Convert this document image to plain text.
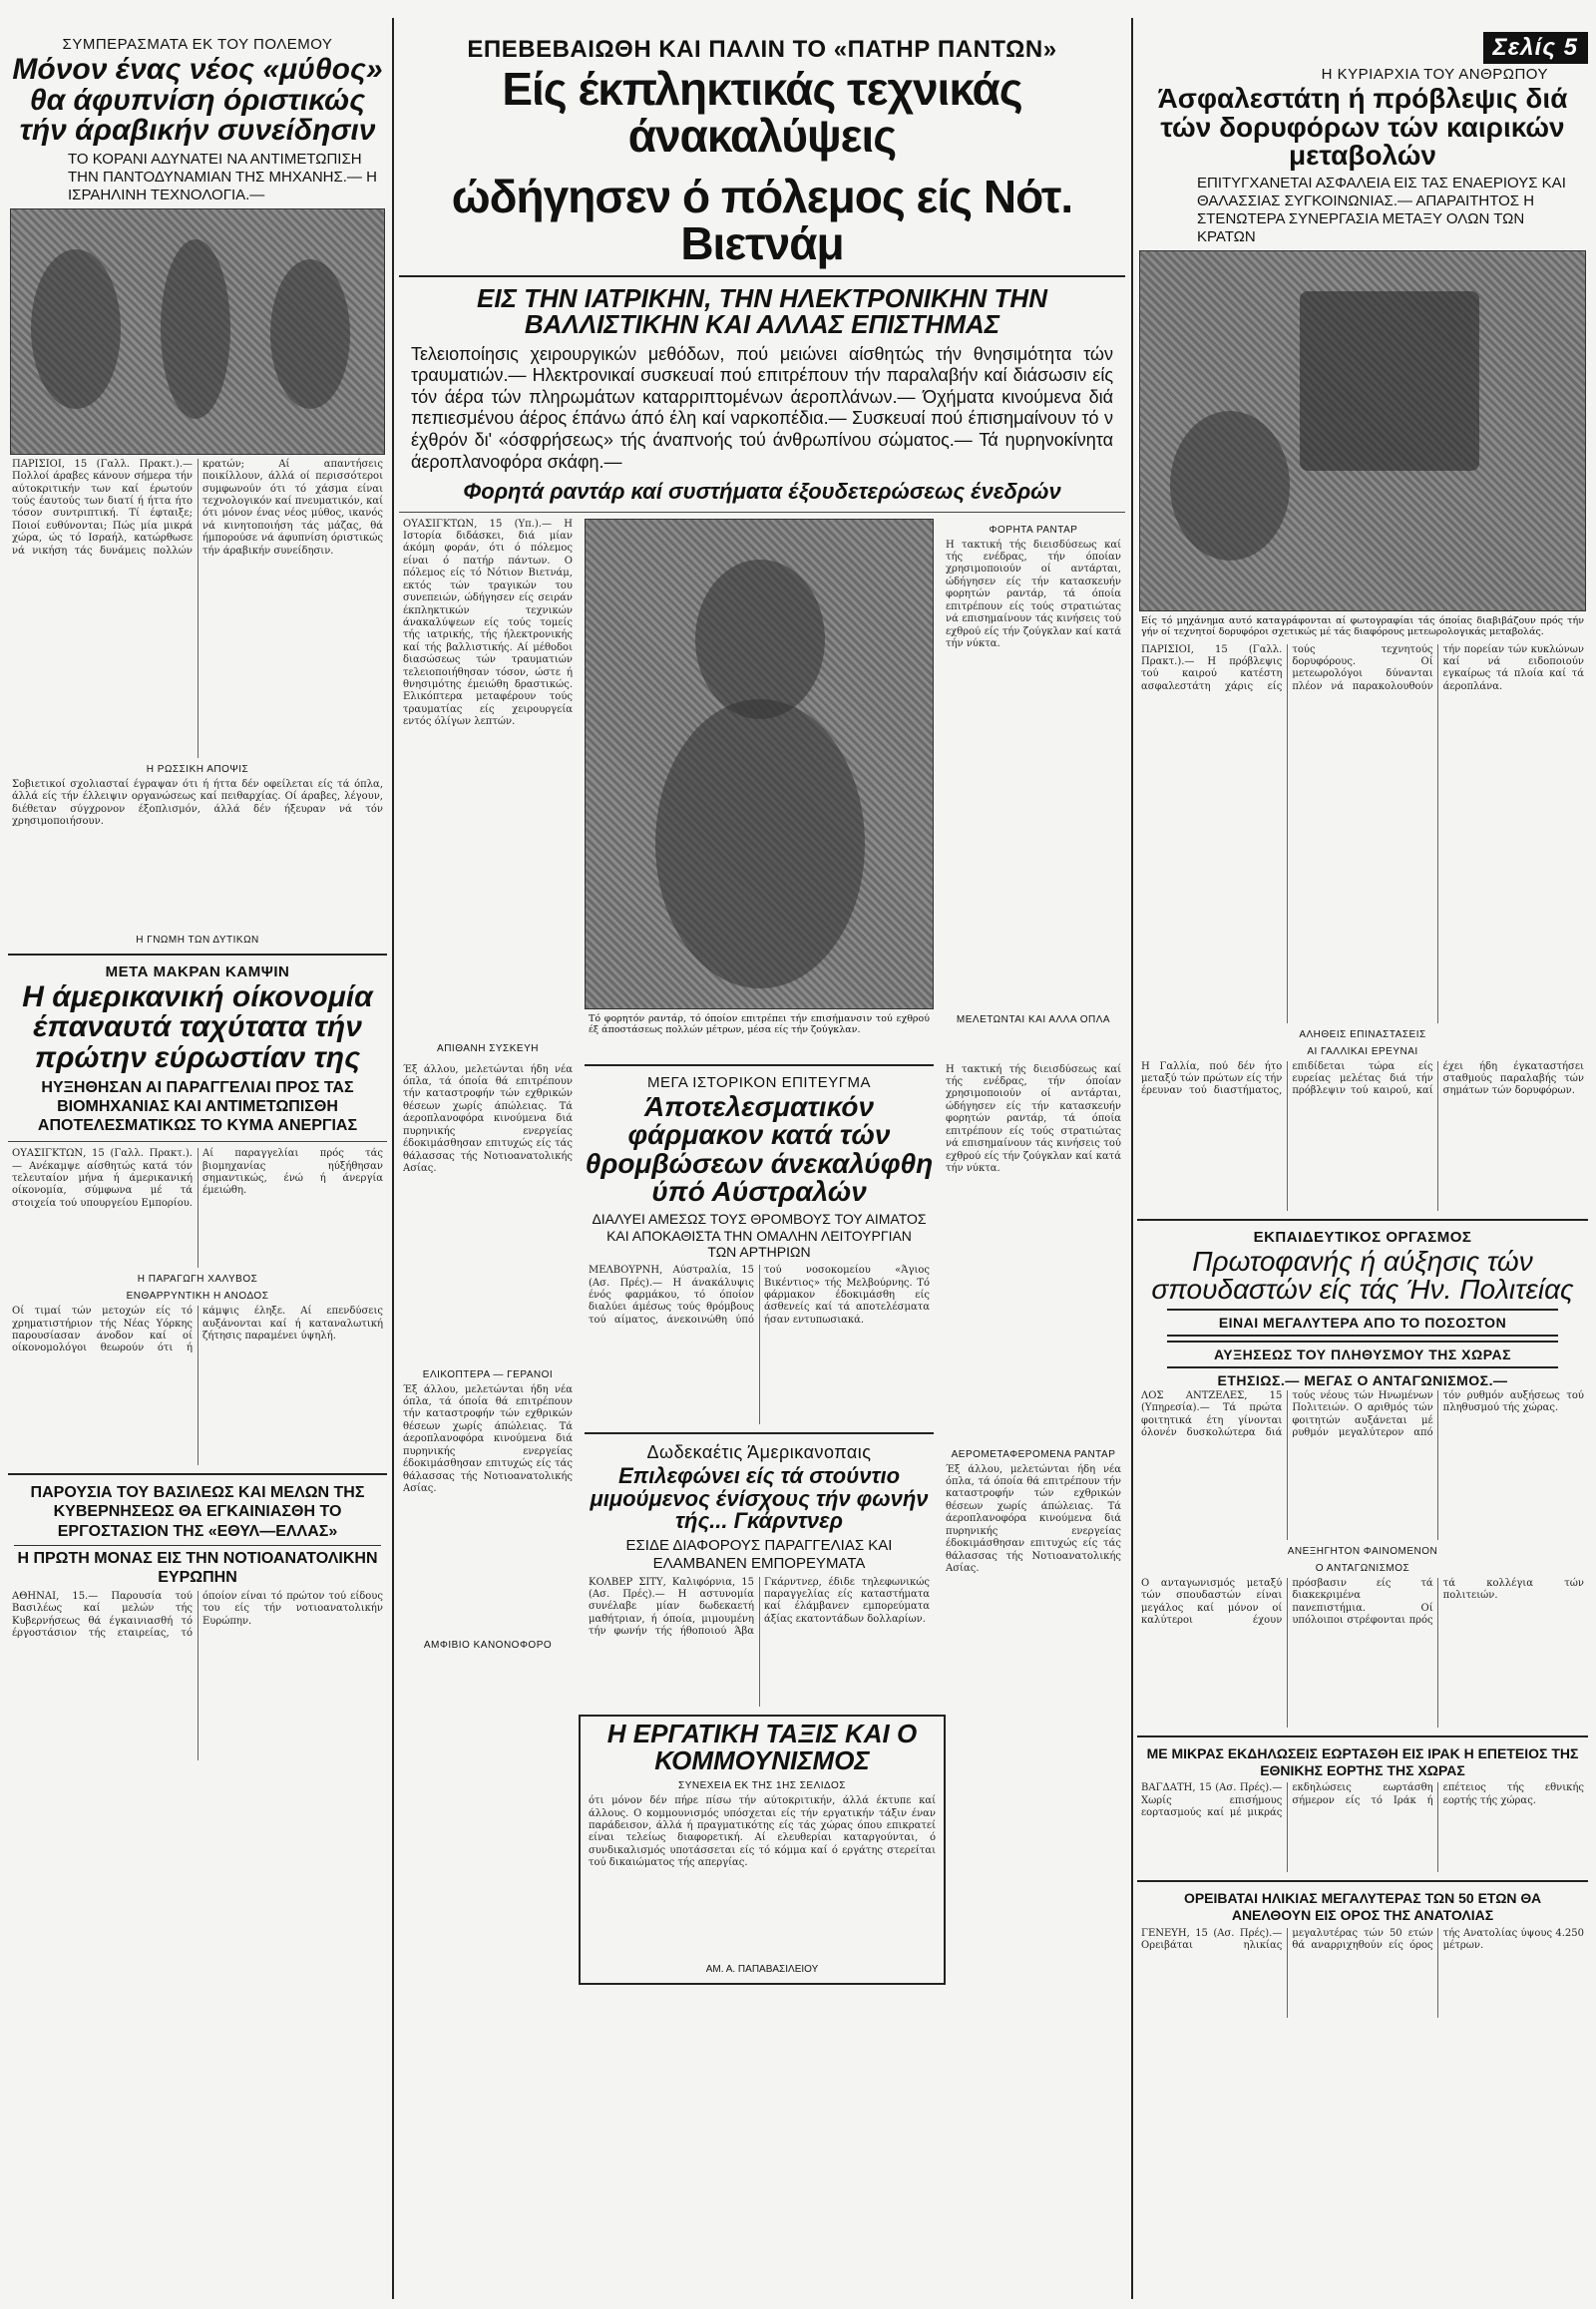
ΣΥΜΠΕΡΑΣΜΑΤΑ ΕΚ ΤΟΥ ΠΟΛΕΜΟΥ
Μόνον ένας νέος «μύθος» θα άφυπνίση όριστικώς τήν άραβικήν συνείδησιν
ΤΟ ΚΟΡΑΝΙ ΑΔΥΝΑΤΕΙ ΝΑ ΑΝΤΙΜΕΤΩΠΙΣΗ ΤΗΝ ΠΑΝΤΟΔΥΝΑΜΙΑΝ ΤΗΣ ΜΗΧΑΝΗΣ.— Η ΙΣΡΑΗΛΙΝΗ ΤΕΧΝΟΛΟΓΙΑ.—
ΠΑΡΙΣΙΟΙ, 15 (Γαλλ. Πρακτ.).— Πολλοί άραβες κάνουν σήμερα τήν αύτοκριτικήν των καί έρωτούν τούς έαυτούς των διατί ή ήττα ήτο τόσον συντριπτική. Τί έφταιξε; Ποιοί ευθύνονται; Πώς μία μικρά χώρα, ώς τό Ισραήλ, κατώρθωσε νά νικήση τάς δυνάμεις πολλών κρατών; Αί απαντήσεις ποικίλλουν, άλλά οί περισσότεροι συμφωνούν ότι τό χάσμα είναι τεχνολογικόν καί πνευματικόν, καί ότι μόνον ένας νέος μύθος, ικανός νά κινητοποιήση τάς μάζας, θά ήμπορούσε νά άφυπνίση όριστικώς τήν άραβικήν συνείδησιν.
Η ΡΩΣΣΙΚΗ ΑΠΟΨΙΣ
Σοβιετικοί σχολιασταί έγραψαν ότι ή ήττα δέν οφείλεται είς τά όπλα, άλλά είς τήν έλλειψιν οργανώσεως καί πειθαρχίας. Οί άραβες, λέγουν, διέθεταν σύγχρονον έξοπλισμόν, άλλά δέν ήξευραν νά τόν χρησιμοποιήσουν.
Η ΓΝΩΜΗ ΤΩΝ ΔΥΤΙΚΩΝ
ΜΕΤΑ ΜΑΚΡΑΝ ΚΑΜΨΙΝ
Η άμερικανική οίκονομία έπαναυτά ταχύτατα τήν πρώτην εύρωστίαν της
ΗΥΞΗΘΗΣΑΝ ΑΙ ΠΑΡΑΓΓΕΛΙΑΙ ΠΡΟΣ ΤΑΣ ΒΙΟΜΗΧΑΝΙΑΣ ΚΑΙ ΑΝΤΙΜΕΤΩΠΙΣΘΗ ΑΠΟΤΕΛΕΣΜΑΤΙΚΩΣ ΤΟ ΚΥΜΑ ΑΝΕΡΓΙΑΣ
ΟΥΑΣΙΓΚΤΩΝ, 15 (Γαλλ. Πρακτ.).— Ανέκαμψε αίσθητώς κατά τόν τελευταίον μήνα ή άμερικανική οίκονομία, σύμφωνα μέ τά στοιχεία τού υπουργείου Εμπορίου. Αί παραγγελίαι πρός τάς βιομηχανίας ηύξήθησαν σημαντικώς, ένώ ή άνεργία έμειώθη.
Η ΠΑΡΑΓΩΓΗ ΧΑΛΥΒΟΣ
ΕΝΘΑΡΡΥΝΤΙΚΗ Η ΑΝΟΔΟΣ
Οί τιμαί τών μετοχών είς τό χρηματιστήριον τής Νέας Υόρκης παρουσίασαν άνοδον καί οί οίκονομολόγοι θεωρούν ότι ή κάμψις έληξε. Αί επενδύσεις αυξάνονται καί ή καταναλωτική ζήτησις παραμένει ύψηλή.
ΠΑΡΟΥΣΙΑ ΤΟΥ ΒΑΣΙΛΕΩΣ ΚΑΙ ΜΕΛΩΝ ΤΗΣ ΚΥΒΕΡΝΗΣΕΩΣ ΘΑ ΕΓΚΑΙΝΙΑΣΘΗ ΤΟ ΕΡΓΟΣΤΑΣΙΟΝ ΤΗΣ «ΕΘΥΛ—ΕΛΛΑΣ»
Η ΠΡΩΤΗ ΜΟΝΑΣ ΕΙΣ ΤΗΝ ΝΟΤΙΟΑΝΑΤΟΛΙΚΗΝ ΕΥΡΩΠΗΝ
ΑΘΗΝΑΙ, 15.— Παρουσία τού Βασιλέως καί μελών τής Κυβερνήσεως θά έγκαινιασθή τό έργοστάσιον τής εταιρείας, τό όποίον είναι τό πρώτον τού είδους του είς τήν νοτιοανατολικήν Ευρώπην.
ΕΠΕΒΕΒΑΙΩΘΗ ΚΑΙ ΠΑΛΙΝ ΤΟ «ΠΑΤΗΡ ΠΑΝΤΩΝ»
Είς έκπληκτικάς τεχνικάς άνακαλύψεις
ώδήγησεν ό πόλεμος είς Νότ. Βιετνάμ
ΕΙΣ ΤΗΝ ΙΑΤΡΙΚΗΝ, ΤΗΝ ΗΛΕΚΤΡΟΝΙΚΗΝ ΤΗΝ ΒΑΛΛΙΣΤΙΚΗΝ ΚΑΙ ΑΛΛΑΣ ΕΠΙΣΤΗΜΑΣ
Τελειοποίησις χειρουργικών μεθόδων, πού μειώνει αίσθητώς τήν θνησιμότητα τών τραυματιών.— Ηλεκτρονικαί συσκευαί πού επιτρέπουν τήν παραλαβήν καί διάσωσιν είς τόν άέρα τών πληρωμάτων καταρριπτομένων άεροπλάνων.— Όχήματα κινούμενα διά πεπιεσμένου άέρος έπάνω άπό έλη καί ναρκοπέδια.— Συσκευαί πού έπισημαίνουν τό ν έχθρόν δι' «όσφρήσεως» τής άναπνοής τού άνθρωπίνου σώματος.— Τά ηυρηνοκίνητα άερoπλανοφόρα σκάφη.—
Φορητά ραντάρ καί συστήματα έξουδετερώσεως ένεδρών
ΟΥΑΣΙΓΚΤΩΝ, 15 (Υπ.).— Η Ιστορία διδάσκει, διά μίαν άκόμη φοράν, ότι ό πόλεμος είναι ό πατήρ πάντων. Ο πόλεμος είς τό Νότιον Βιετνάμ, εκτός τών τραγικών του συνεπειών, ώδήγησεν είς σειράν έκπληκτικών τεχνικών άνακαλύψεων είς τούς τομείς τής ιατρικής, τής ήλεκτρονικής καί τής βαλλιστικής. Αί μέθοδοι διασώσεως τών τραυματιών τελειοποιήθησαν τόσον, ώστε ή θνησιμότης έμειώθη δραστικώς. Ελικόπτερα μεταφέρουν τούς τραυματίας είς χειρουργεία εντός όλίγων λεπτών.
ΑΠΙΘΑΝΗ ΣΥΣΚΕΥΗ
Τό φορητόν ραντάρ, τό όποίον επιτρέπει τήν επισήμανσιν τού εχθρού έξ άποστάσεως πολλών μέτρων, μέσα είς τήν ζούγκλαν.
ΦΟΡΗΤΑ ΡΑΝΤΑΡ
Η τακτική τής διεισδύσεως καί τής ενέδρας, τήν όποίαν χρησιμοποιούν οί αντάρται, ώδήγησεν είς τήν κατασκευήν φορητών ραντάρ, τά όποία επιτρέπουν είς τούς στρατιώτας νά επισημαίνουν τάς κινήσεις τού εχθρού είς τήν ζούγκλαν καί κατά τήν νύκτα.
ΜΕΛΕΤΩΝΤΑΙ ΚΑΙ ΑΛΛΑ ΟΠΛΑ
Έξ άλλου, μελετώνται ήδη νέα όπλα, τά όποία θά επιτρέπουν τήν καταστροφήν τών εχθρικών θέσεων χωρίς άπώλειας. Τά άεροπλανοφόρα κινούμενα διά πυρηνικής ενεργείας έδοκιμάσθησαν επιτυχώς είς τάς θάλασσας τής Νοτιοανατολικής Ασίας.
ΕΛΙΚΟΠΤΕΡΑ — ΓΕΡΑΝΟΙ
Έξ άλλου, μελετώνται ήδη νέα όπλα, τά όποία θά επιτρέπουν τήν καταστροφήν τών εχθρικών θέσεων χωρίς άπώλειας. Τά άεροπλανοφόρα κινούμενα διά πυρηνικής ενεργείας έδοκιμάσθησαν επιτυχώς είς τάς θάλασσας τής Νοτιοανατολικής Ασίας.
ΑΜΦΙΒΙΟ ΚΑΝΟΝΟΦΟΡΟ
ΜΕΓΑ ΙΣΤΟΡΙΚΟΝ ΕΠΙΤΕΥΓΜΑ
Άποτελεσματικόν φάρμακον κατά τών θρομβώσεων άνεκαλύφθη ύπό Αύστραλών
ΔΙΑΛΥΕΙ ΑΜΕΣΩΣ ΤΟΥΣ ΘΡΟΜΒΟΥΣ ΤΟΥ ΑΙΜΑΤΟΣ ΚΑΙ ΑΠΟΚΑΘΙΣΤΑ ΤΗΝ ΟΜΑΛΗΝ ΛΕΙΤΟΥΡΓΙΑΝ ΤΩΝ ΑΡΤΗΡΙΩΝ
ΜΕΛΒΟΥΡΝΗ, Αύστραλία, 15 (Ασ. Πρές).— Η άνακάλυψις ένός φαρμάκου, τό όποίον διαλύει άμέσως τούς θρόμβους τού αίματος, άνεκοινώθη ύπό τού νοσοκομείου «Άγιος Βικέντιος» τής Μελβούρνης. Τό φάρμακον έδοκιμάσθη είς άσθενείς καί τά αποτελέσματα ήσαν εντυπωσιακά.
Δωδεκαέτις Άμερικανοπαις
Επιλεφώνει είς τά στούντιο μιμούμενος ένίσχους τήν φωνήν τής... Γκάρντνερ
ΕΣΙΔΕ ΔΙΑΦΟΡΟΥΣ ΠΑΡΑΓΓΕΛΙΑΣ ΚΑΙ ΕΛΑΜΒΑΝΕΝ ΕΜΠΟΡΕΥΜΑΤΑ
ΚΟΛΒΕΡ ΣΙΤΥ, Καλιφόρνια, 15 (Ασ. Πρές).— Η αστυνομία συνέλαβε μίαν δωδεκαετή μαθήτριαν, ή όποία, μιμουμένη τήν φωνήν τής ήθοποιού Άβα Γκάρντνερ, έδιδε τηλεφωνικώς παραγγελίας είς καταστήματα καί έλάμβανεν εμπορεύματα άξίας εκατοντάδων δολλαρίων.
Η τακτική τής διεισδύσεως καί τής ενέδρας, τήν όποίαν χρησιμοποιούν οί αντάρται, ώδήγησεν είς τήν κατασκευήν φορητών ραντάρ, τά όποία επιτρέπουν είς τούς στρατιώτας νά επισημαίνουν τάς κινήσεις τού εχθρού είς τήν ζούγκλαν καί κατά τήν νύκτα.
ΑΕΡΟΜΕΤΑΦΕΡΟΜΕΝΑ ΡΑΝΤΑΡ
Έξ άλλου, μελετώνται ήδη νέα όπλα, τά όποία θά επιτρέπουν τήν καταστροφήν τών εχθρικών θέσεων χωρίς άπώλειας. Τά άεροπλανοφόρα κινούμενα διά πυρηνικής ενεργείας έδοκιμάσθησαν επιτυχώς είς τάς θάλασσας τής Νοτιοανατολικής Ασίας.
Η ΕΡΓΑΤΙΚΗ ΤΑΞΙΣ ΚΑΙ Ο ΚΟΜΜΟΥΝΙΣΜΟΣ
ΣΥΝΕΧΕΙΑ ΕΚ ΤΗΣ 1ΗΣ ΣΕΛΙΔΟΣ
ότι μόνον δέν πήρε πίσω τήν αύτοκριτικήν, άλλά έκτυπε καί άλλους. Ο κομμουνισμός υπόσχεται είς τήν εργατικήν τάξιν έναν παράδεισον, άλλά ή πραγματικότης είς τάς χώρας όπου επικρατεί είναι τελείως διαφορετική. Αί ελευθερίαι καταργούνται, ό συνδικαλισμός υποτάσσεται είς τό κόμμα καί ό εργάτης στερείται τού δικαιώματος τής απεργίας.
ΑΜ. Α. ΠΑΠΑΒΑΣΙΛΕΙΟΥ
Σελίς 5
Η ΚΥΡΙΑΡΧΙΑ ΤΟΥ ΑΝΘΡΩΠΟΥ
Άσφαλεστάτη ή πρόβλεψις διά τών δορυφόρων τών καιρικών μεταβολών
ΕΠΙΤΥΓΧΑΝΕΤΑΙ ΑΣΦΑΛΕΙΑ ΕΙΣ ΤΑΣ ΕΝΑΕΡΙΟΥΣ ΚΑΙ ΘΑΛΑΣΣΙΑΣ ΣΥΓΚΟΙΝΩΝΙΑΣ.— ΑΠΑΡΑΙΤΗΤΟΣ Η ΣΤΕΝΩΤΕΡΑ ΣΥΝΕΡΓΑΣΙΑ ΜΕΤΑΞΥ ΟΛΩΝ ΤΩΝ ΚΡΑΤΩΝ
Είς τό μηχάνημα αυτό καταγράφονται αί φωτογραφίαι τάς όποίας διαβιβάζουν πρός τήν γήν οί τεχνητοί δορυφόροι σχετικώς μέ τάς διαφόρους μετεωρολογικάς μεταβολάς.
ΠΑΡΙΣΙΟΙ, 15 (Γαλλ. Πρακτ.).— Η πρόβλεψις τού καιρού κατέστη ασφαλεστάτη χάρις είς τούς τεχνητούς δορυφόρους. Οί μετεωρολόγοι δύνανται πλέον νά παρακολουθούν τήν πορείαν τών κυκλώνων καί νά ειδοποιούν εγκαίρως τά πλοία καί τά άεροπλάνα.
ΑΛΗΘΕΙΣ ΕΠΙΝΑΣΤΑΣΕΙΣ
ΑΙ ΓΑΛΛΙΚΑΙ ΕΡΕΥΝΑΙ
Η Γαλλία, πού δέν ήτο μεταξύ τών πρώτων είς τήν έρευναν τού διαστήματος, επιδίδεται τώρα είς ευρείας μελέτας διά τήν πρόβλεψιν τού καιρού, καί έχει ήδη έγκαταστήσει σταθμούς παραλαβής τών σημάτων τών δορυφόρων.
ΕΚΠΑΙΔΕΥΤΙΚΟΣ ΟΡΓΑΣΜΟΣ
Πρωτοφανής ή αύξησις τών σπουδαστών είς τάς Ήν. Πολιτείας
ΕΙΝΑΙ ΜΕΓΑΛΥΤΕΡΑ ΑΠΟ ΤΟ ΠΟΣΟΣΤΟΝ
ΑΥΞΗΣΕΩΣ ΤΟΥ ΠΛΗΘΥΣΜΟΥ ΤΗΣ ΧΩΡΑΣ
ΕΤΗΣΙΩΣ.— ΜΕΓΑΣ Ο ΑΝΤΑΓΩΝΙΣΜΟΣ.—
ΛΟΣ ΑΝΤΖΕΛΕΣ, 15 (Υπηρεσία).— Τά πρώτα φοιτητικά έτη γίνονται όλονέν δυσκολώτερα διά τούς νέους τών Ηνωμένων Πολιτειών. Ο αριθμός τών φοιτητών αυξάνεται μέ ρυθμόν μεγαλύτερον από τόν ρυθμόν αυξήσεως τού πληθυσμού τής χώρας.
ΑΝΕΞΗΓΗΤΟΝ ΦΑΙΝΟΜΕΝΟΝ
Ο ΑΝΤΑΓΩΝΙΣΜΟΣ
Ο ανταγωνισμός μεταξύ τών σπουδαστών είναι μεγάλος καί μόνον οί καλύτεροι έχουν πρόσβασιν είς τά διακεκριμένα πανεπιστήμια. Οί υπόλοιποι στρέφονται πρός τά κολλέγια τών πολιτειών.
ΜΕ ΜΙΚΡΑΣ ΕΚΔΗΛΩΣΕΙΣ ΕΩΡΤΑΣΘΗ ΕΙΣ ΙΡΑΚ Η ΕΠΕΤΕΙΟΣ ΤΗΣ ΕΘΝΙΚΗΣ ΕΟΡΤΗΣ ΤΗΣ ΧΩΡΑΣ
ΒΑΓΔΑΤΗ, 15 (Ασ. Πρές).— Χωρίς επισήμους εορτασμούς καί μέ μικράς εκδηλώσεις εωρτάσθη σήμερον είς τό Ιράκ ή επέτειος τής εθνικής εορτής τής χώρας.
ΟΡΕΙΒΑΤΑΙ ΗΛΙΚΙΑΣ ΜΕΓΑΛΥΤΕΡΑΣ ΤΩΝ 50 ΕΤΩΝ ΘΑ ΑΝΕΛΘΟΥΝ ΕΙΣ ΟΡΟΣ ΤΗΣ ΑΝΑΤΟΛΙΑΣ
ΓΕΝΕΥΗ, 15 (Ασ. Πρές).— Ορειβάται ηλικίας μεγαλυτέρας τών 50 ετών θά αναρριχηθούν είς όρος τής Ανατολίας ύψους 4.250 μέτρων.
